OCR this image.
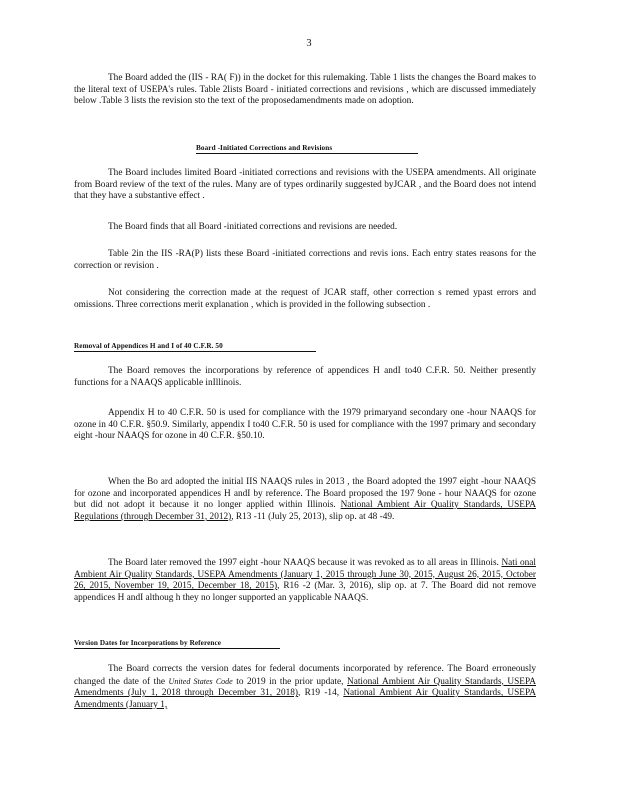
3

The Board added the (IIS - RA( F)) in the docket for this rulemaking. Table 1 lists the changes the Board makes to the literal text of USEPA's rules. Table 2lists Board - initiated corrections and revisions , which are discussed immediately below .Table 3 lists the revision sto the text of the proposedamendments made on adoption.

Board -Initiated Corrections and Revisions

The Board includes limited Board -initiated corrections and revisions with the USEPA amendments. All originate from Board review of the text of the rules. Many are of types ordinarily suggested byJCAR , and the Board does not intend that they have a substantive effect .

The Board finds that all Board -initiated corrections and revisions are needed.

Table 2in the IIS -RA(P) lists these Board -initiated corrections and revis ions. Each entry states reasons for the correction or revision .

Not considering the correction made at the request of JCAR staff, other correction s remed ypast errors and omissions. Three corrections merit explanation , which is provided in the following subsection .

Removal of Appendices H and I of 40 C.F.R. 50

The Board removes the incorporations by reference of appendices H andI to40 C.F.R. 50. Neither presently functions for a NAAQS applicable inIllinois.

Appendix H to 40 C.F.R. 50 is used for compliance with the 1979 primaryand secondary one -hour NAAQS for ozone in 40 C.F.R. §50.9. Similarly, appendix I to40 C.F.R. 50 is used for compliance with the 1997 primary and secondary eight -hour NAAQS for ozone in 40 C.F.R. §50.10.

When the Bo ard adopted the initial IIS NAAQS rules in 2013 , the Board adopted the 1997 eight -hour NAAQS for ozone and incorporated appendices H andI by reference. The Board proposed the 197 9one - hour NAAQS for ozone but did not adopt it because it no longer applied within Illinois. National Ambient Air Quality Standards, USEPA Regulations (through December 31, 2012), R13 -11 (July 25, 2013), slip op. at 48 -49.

The Board later removed the 1997 eight -hour NAAQS because it was revoked as to all areas in Illinois. Nati onal Ambient Air Quality Standards, USEPA Amendments (January 1, 2015 through June 30, 2015, August 26, 2015, October 26, 2015, November 19, 2015, December 18, 2015), R16 -2 (Mar. 3, 2016), slip op. at 7. The Board did not remove appendices H andI althoug h they no longer supported an yapplicable NAAQS.

Version Dates for Incorporations by Reference

The Board corrects the version dates for federal documents incorporated by reference. The Board erroneously changed the date of the United States Code to 2019 in the prior update, National Ambient Air Quality Standards, USEPA Amendments (July 1, 2018 through December 31, 2018), R19 -14, National Ambient Air Quality Standards, USEPA Amendments (January 1,
